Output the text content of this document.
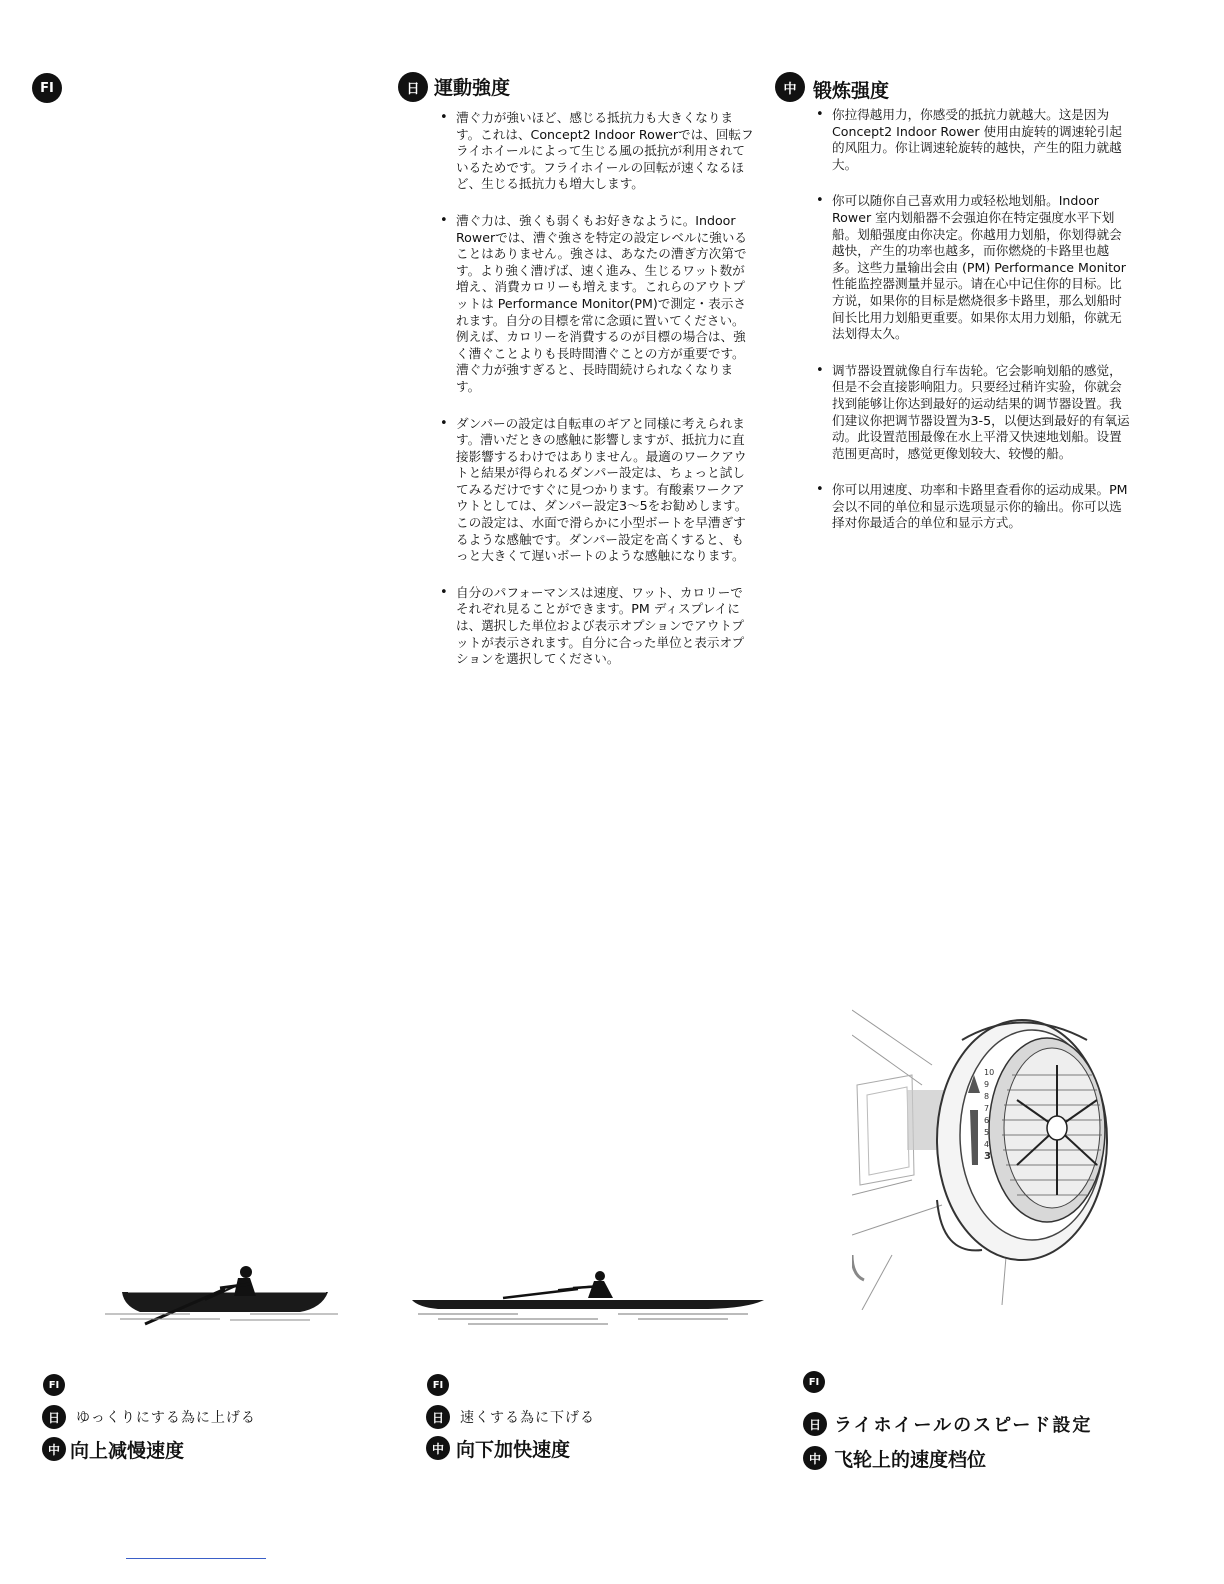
FI	日 運動強度
• 漕ぐ力が強いほど、感じる抵抗力も大きくなります。これは、Concept2 Indoor Rowerでは、回転フライホイールによって生じる風の抵抗が利用されているためです。フライホイールの回転が速くなるほど、生じる抵抗力も増大します。
• 漕ぐ力は、強くも弱くもお好きなように。Indoor Rowerでは、漕ぐ強さを特定の設定レベルに強いることはありません。強さは、あなたの漕ぎ方次第です。より強く漕げば、速く進み、生じるワット数が増え、消費カロリーも増えます。これらのアウトプットは Performance Monitor(PM)で測定・表示されます。自分の目標を常に念頭に置いてください。例えば、カロリーを消費するのが目標の場合は、強く漕ぐことよりも長時間漕ぐことの方が重要です。漕ぐ力が強すぎると、長時間続けられなくなります。
• ダンパーの設定は自転車のギアと同様に考えられます。漕いだときの感触に影響しますが、抵抗力に直接影響するわけではありません。最適のワークアウトと結果が得られるダンパー設定は、ちょっと試してみるだけですぐに見つかります。有酸素ワークアウトとしては、ダンパー設定3〜5をお勧めします。この設定は、水面で滑らかに小型ボートを早漕ぎするような感触です。ダンパー設定を高くすると、もっと大きくて遅いボートのような感触になります。
• 自分のパフォーマンスは速度、ワット、カロリーでそれぞれ見ることができます。PM ディスプレイには、選択した単位および表示オプションでアウトプットが表示されます。自分に合った単位と表示オプションを選択してください。
中 锻炼强度
• 你拉得越用力，你感受的抵抗力就越大。这是因为Concept2 Indoor Rower 使用由旋转的调速轮引起的风阻力。你让调速轮旋转的越快，产生的阻力就越大。
• 你可以随你自己喜欢用力或轻松地划船。Indoor Rower 室内划船器不会强迫你在特定强度水平下划船。划船强度由你决定。你越用力划船，你划得就会越快，产生的功率也越多，而你燃烧的卡路里也越多。这些力量输出会由 (PM) Performance Monitor 性能监控器测量并显示。请在心中记住你的目标。比方说，如果你的目标是燃烧很多卡路里，那么划船时间长比用力划船更重要。如果你太用力划船，你就无法划得太久。
• 调节器设置就像自行车齿轮。它会影响划船的感觉，但是不会直接影响阻力。只要经过稍许实验，你就会找到能够让你达到最好的运动结果的调节器设置。我们建议你把调节器设置为3-5，以便达到最好的有氧运动。此设置范围最像在水上平滑又快速地划船。设置范围更高时，感觉更像划较大、较慢的船。
• 你可以用速度、功率和卡路里查看你的运动成果。PM 会以不同的单位和显示选项显示你的输出。你可以选择对你最适合的单位和显示方式。
10
9
8
7
6
5
4
3
FI
日	ゆっくりにする為に上げる
中 向上减慢速度
FI
日	速くする為に下げる
中 向下加快速度
FI
日 ライホイールのスピード設定
中 飞轮上的速度档位
